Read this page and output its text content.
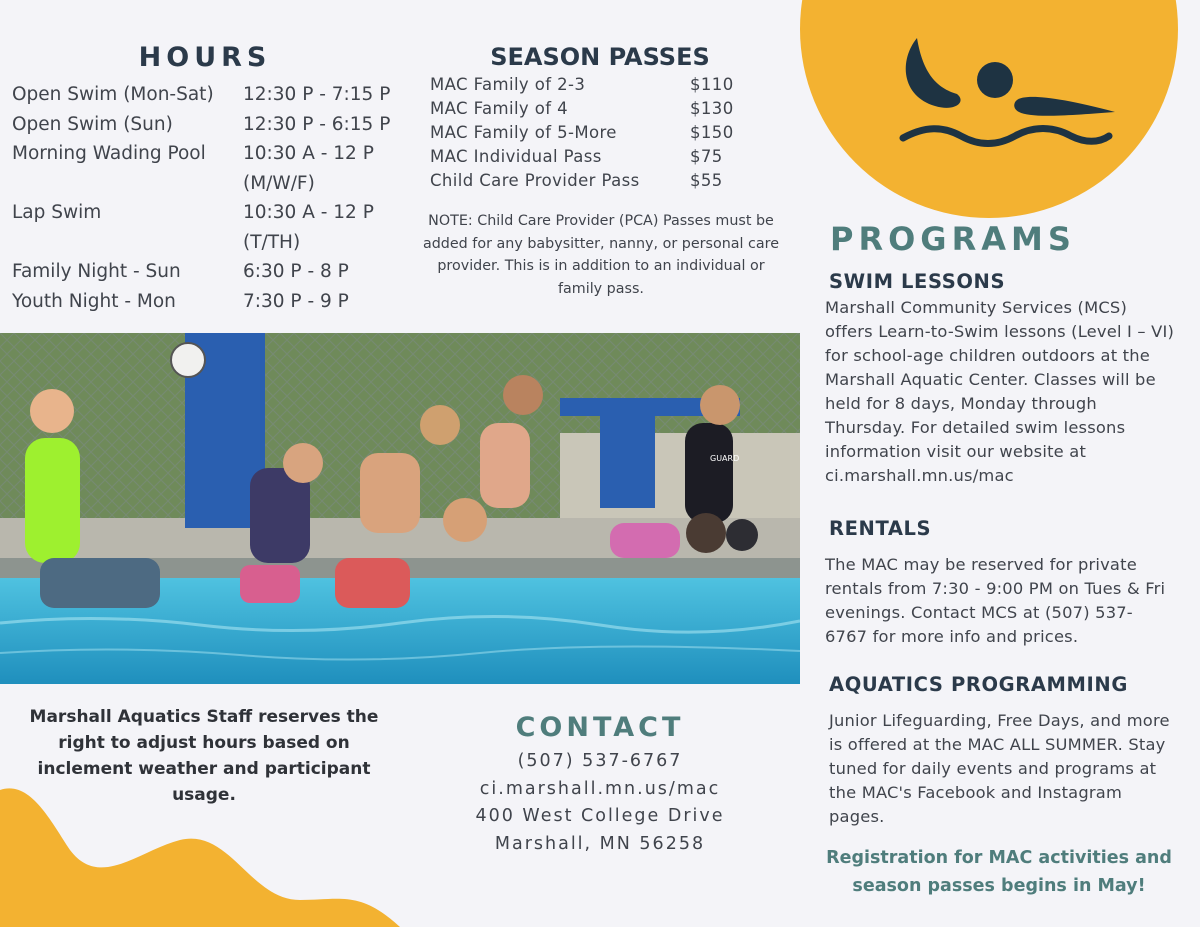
HOURS
Open Swim (Mon-Sat)	12:30 P - 7:15 P
Open Swim (Sun)	12:30 P - 6:15 P
Morning Wading Pool	10:30 A - 12 P
(M/W/F)
Lap Swim	10:30 A - 12 P
(T/TH)
Family Night - Sun	6:30 P - 8 P
Youth Night - Mon	7:30 P - 9 P
SEASON PASSES
MAC Family of 2-3	$110
MAC Family of 4	$130
MAC Family of 5-More	$150
MAC Individual Pass	$75
Child Care Provider Pass	$55
NOTE: Child Care Provider (PCA) Passes must be added for any babysitter, nanny, or personal care provider. This is in addition to an individual or family pass.
GUARD
PROGRAMS
SWIM LESSONS
Marshall Community Services (MCS) offers Learn-to-Swim lessons (Level I – VI) for school-age children outdoors at the Marshall Aquatic Center. Classes will be held for 8 days, Monday through Thursday. For detailed swim lessons information visit our website at ci.marshall.mn.us/mac
RENTALS
The MAC may be reserved for private rentals from 7:30 - 9:00 PM on Tues & Fri evenings. Contact MCS at (507) 537-6767 for more info and prices.
AQUATICS PROGRAMMING
Junior Lifeguarding, Free Days, and more is offered at the MAC ALL SUMMER. Stay tuned for daily events and programs at the MAC's Facebook and Instagram pages.
Registration for MAC activities and season passes begins in May!
Marshall Aquatics Staff reserves the right to adjust hours based on inclement weather and participant usage.
CONTACT
(507) 537-6767
ci.marshall.mn.us/mac
400 West College Drive
Marshall, MN 56258
